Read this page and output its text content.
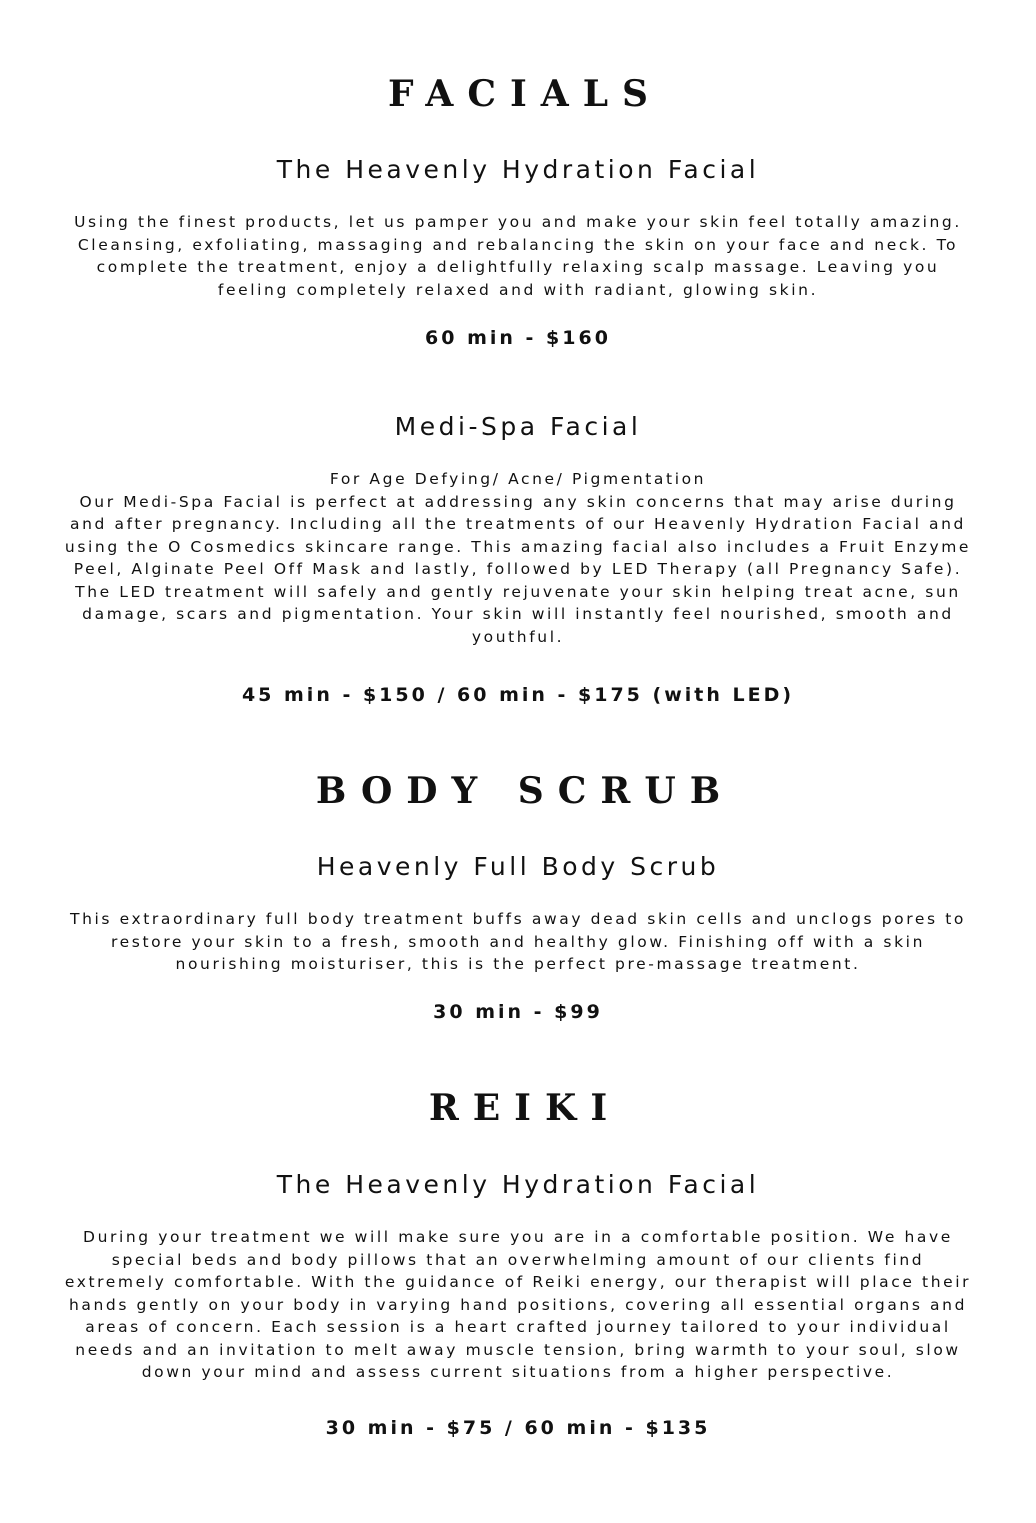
FACIALS
The Heavenly Hydration Facial

Using the finest products, let us pamper you and make your skin feel totally amazing. Cleansing, exfoliating, massaging and rebalancing the skin on your face and neck. To complete the treatment, enjoy a delightfully relaxing scalp massage. Leaving you feeling completely relaxed and with radiant, glowing skin.

60 min - $160
Medi-Spa Facial

For Age Defying/ Acne/ Pigmentation

Our Medi-Spa Facial is perfect at addressing any skin concerns that may arise during and after pregnancy. Including all the treatments of our Heavenly Hydration Facial and using the O Cosmedics skincare range. This amazing facial also includes a Fruit Enzyme Peel, Alginate Peel Off Mask and lastly, followed by LED Therapy (all Pregnancy Safe). The LED treatment will safely and gently rejuvenate your skin helping treat acne, sun damage, scars and pigmentation. Your skin will instantly feel nourished, smooth and youthful.

45 min - $150 / 60 min - $175 (with LED)
BODY SCRUB
Heavenly Full Body Scrub

This extraordinary full body treatment buffs away dead skin cells and unclogs pores to restore your skin to a fresh, smooth and healthy glow. Finishing off with a skin nourishing moisturiser, this is the perfect pre-massage treatment.

30 min - $99
REIKI
The Heavenly Hydration Facial

During your treatment we will make sure you are in a comfortable position. We have special beds and body pillows that an overwhelming amount of our clients find extremely comfortable. With the guidance of Reiki energy, our therapist will place their hands gently on your body in varying hand positions, covering all essential organs and areas of concern. Each session is a heart crafted journey tailored to your individual needs and an invitation to melt away muscle tension, bring warmth to your soul, slow down your mind and assess current situations from a higher perspective.

30 min - $75 / 60 min - $135
